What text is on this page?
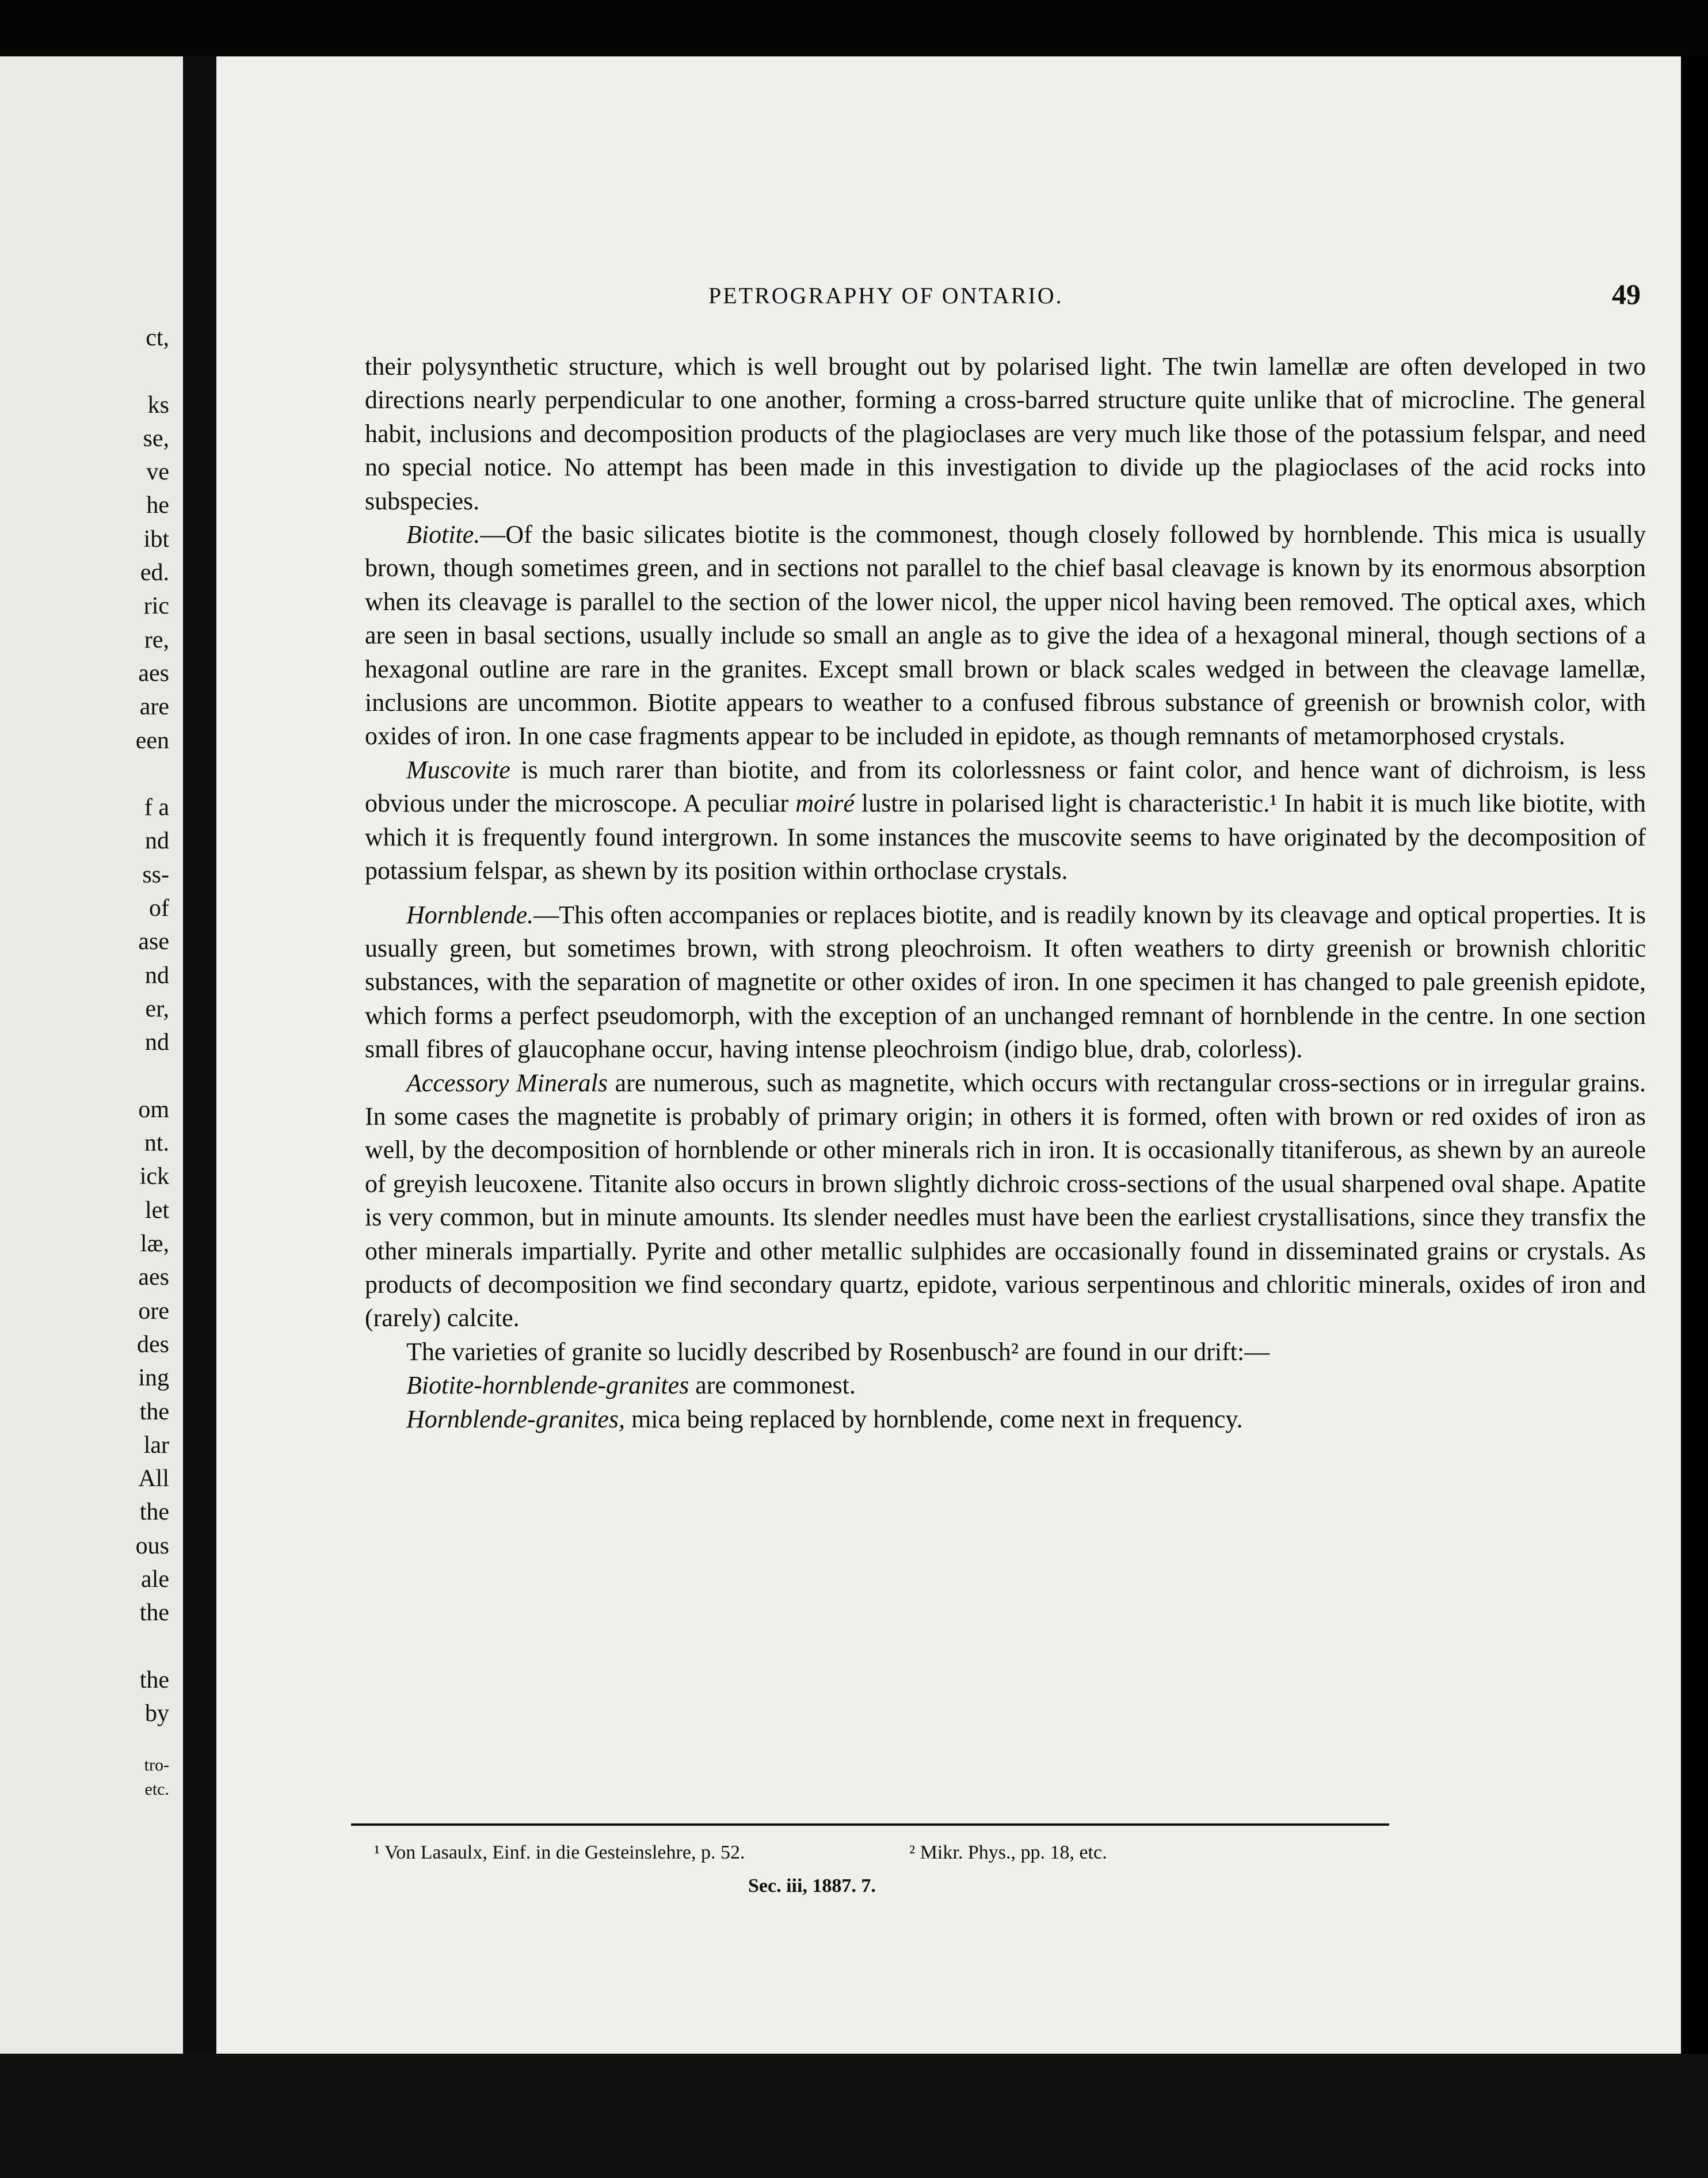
ct,

ks
se,
ve
he
ibt
ed.
ric
re,
aes
are
een

f a
nd
ss-
of
ase
nd
er,
nd

om
nt.
ick
let
læ,
aes
ore
des
ing
the
lar
All
the
ous
ale
the

the
by
tro-
etc.
PETROGRAPHY OF ONTARIO.	49

their polysynthetic structure, which is well brought out by polarised light. The twin lamellæ are often developed in two directions nearly perpendicular to one another, forming a cross-barred structure quite unlike that of microcline. The general habit, inclusions and decomposition products of the plagioclases are very much like those of the potassium felspar, and need no special notice. No attempt has been made in this investigation to divide up the plagioclases of the acid rocks into subspecies.

Biotite.—Of the basic silicates biotite is the commonest, though closely followed by hornblende. This mica is usually brown, though sometimes green, and in sections not parallel to the chief basal cleavage is known by its enormous absorption when its cleavage is parallel to the section of the lower nicol, the upper nicol having been removed. The optical axes, which are seen in basal sections, usually include so small an angle as to give the idea of a hexagonal mineral, though sections of a hexagonal outline are rare in the granites. Except small brown or black scales wedged in between the cleavage lamellæ, inclusions are uncommon. Biotite appears to weather to a confused fibrous substance of greenish or brownish color, with oxides of iron. In one case fragments appear to be included in epidote, as though remnants of metamorphosed crystals.

Muscovite is much rarer than biotite, and from its colorlessness or faint color, and hence want of dichroism, is less obvious under the microscope. A peculiar moiré lustre in polarised light is characteristic.¹ In habit it is much like biotite, with which it is frequently found intergrown. In some instances the muscovite seems to have originated by the decomposition of potassium felspar, as shewn by its position within orthoclase crystals.

Hornblende.—This often accompanies or replaces biotite, and is readily known by its cleavage and optical properties. It is usually green, but sometimes brown, with strong pleochroism. It often weathers to dirty greenish or brownish chloritic substances, with the separation of magnetite or other oxides of iron. In one specimen it has changed to pale greenish epidote, which forms a perfect pseudomorph, with the exception of an unchanged remnant of hornblende in the centre. In one section small fibres of glaucophane occur, having intense pleochroism (indigo blue, drab, colorless).

Accessory Minerals are numerous, such as magnetite, which occurs with rectangular cross-sections or in irregular grains. In some cases the magnetite is probably of primary origin; in others it is formed, often with brown or red oxides of iron as well, by the decomposition of hornblende or other minerals rich in iron. It is occasionally titaniferous, as shewn by an aureole of greyish leucoxene. Titanite also occurs in brown slightly dichroic cross-sections of the usual sharpened oval shape. Apatite is very common, but in minute amounts. Its slender needles must have been the earliest crystallisations, since they transfix the other minerals impartially. Pyrite and other metallic sulphides are occasionally found in disseminated grains or crystals. As products of decomposition we find secondary quartz, epidote, various serpentinous and chloritic minerals, oxides of iron and (rarely) calcite.

The varieties of granite so lucidly described by Rosenbusch² are found in our drift:—

Biotite-hornblende-granites are commonest.

Hornblende-granites, mica being replaced by hornblende, come next in frequency.

¹ Von Lasaulx, Einf. in die Gesteinslehre, p. 52.	² Mikr. Phys., pp. 18, etc.
Sec. iii, 1887. 7.
